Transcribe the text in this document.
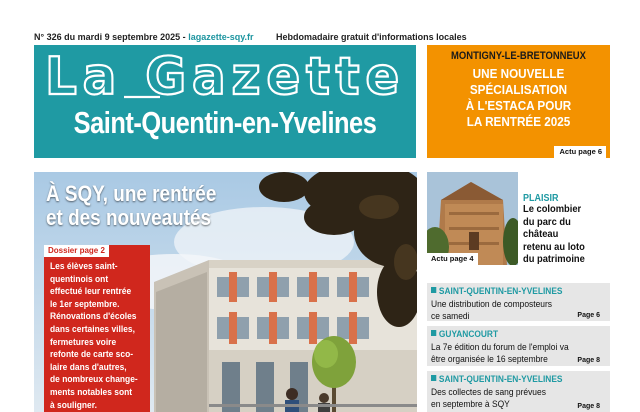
N° 326 du mardi 9 septembre 2025 - lagazette-sqy.fr Hebdomadaire gratuit d'informations locales
La Gazette
Saint-Quentin-en-Yvelines
MONTIGNY-LE-BRETONNEUX
UNE NOUVELLE
SPÉCIALISATION
À L'ESTACA POUR
LA RENTRÉE 2025
Actu page 6
À SQY, une rentrée
et des nouveautés
Dossier page 2
Les élèves saint-
quentinois ont
effectué leur rentrée
le 1er septembre.
Rénovations d'écoles
dans certaines villes,
fermetures voire
refonte de carte sco-
laire dans d'autres,
de nombreux change-
ments notables sont
à souligner.
Actu page 4
PLAISIR
Le colombier
du parc du
château
retenu au loto
du patrimoine
SAINT-QUENTIN-EN-YVELINES
Une distribution de composteurs
ce samedi	Page 6
GUYANCOURT
La 7e édition du forum de l'emploi va
être organisée le 16 septembre	Page 8
SAINT-QUENTIN-EN-YVELINES
Des collectes de sang prévues
en septembre à SQY	Page 8
